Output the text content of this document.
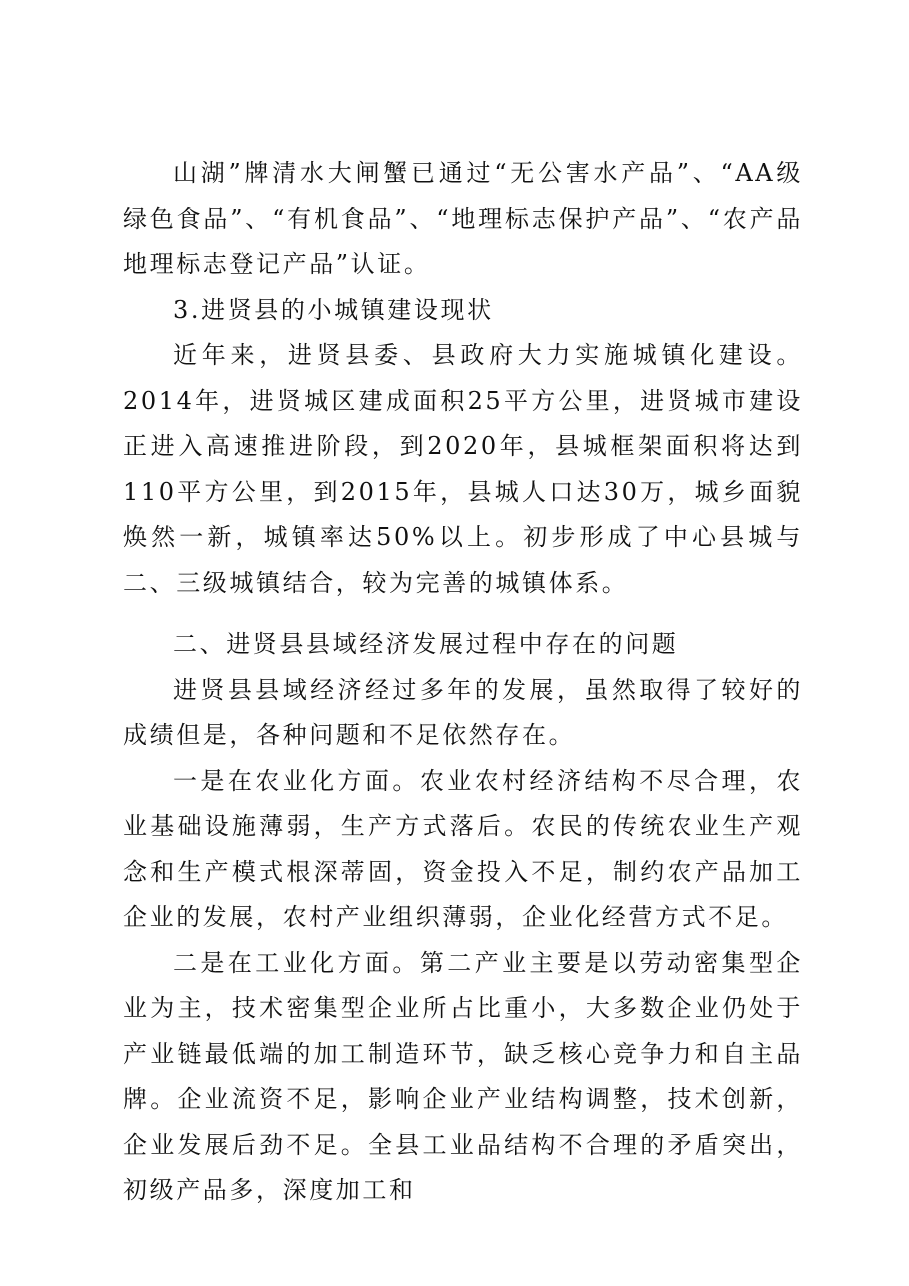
山湖”牌清水大闸蟹已通过“无公害水产品”、“AA级绿色食品”、“有机食品”、“地理标志保护产品”、“农产品地理标志登记产品”认证。

3.进贤县的小城镇建设现状

近年来，进贤县委、县政府大力实施城镇化建设。2014年，进贤城区建成面积25平方公里，进贤城市建设正进入高速推进阶段，到2020年，县城框架面积将达到110平方公里，到2015年，县城人口达30万，城乡面貌焕然一新，城镇率达50%以上。初步形成了中心县城与二、三级城镇结合，较为完善的城镇体系。

二、进贤县县域经济发展过程中存在的问题

进贤县县域经济经过多年的发展，虽然取得了较好的成绩但是，各种问题和不足依然存在。

一是在农业化方面。农业农村经济结构不尽合理，农业基础设施薄弱，生产方式落后。农民的传统农业生产观念和生产模式根深蒂固，资金投入不足，制约农产品加工企业的发展，农村产业组织薄弱，企业化经营方式不足。

二是在工业化方面。第二产业主要是以劳动密集型企业为主，技术密集型企业所占比重小，大多数企业仍处于产业链最低端的加工制造环节，缺乏核心竞争力和自主品牌。企业流资不足，影响企业产业结构调整，技术创新，企业发展后劲不足。全县工业品结构不合理的矛盾突出，初级产品多，深度加工和
